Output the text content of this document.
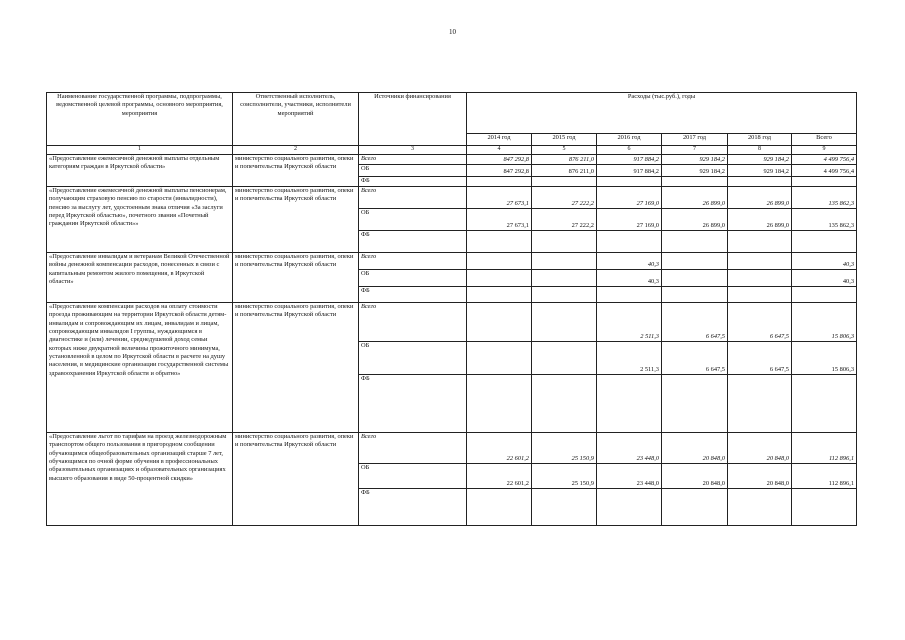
10
Наименование государственной программы, подпрограммы, ведомственной целевой программы, основного мероприятия, мероприятия	Ответственный исполнитель, соисполнители, участники, исполнители мероприятий	Источники финансирования	Расходы (тыс.руб.), годы					
			2014 год	2015 год	2016 год	2017 год	2018 год	Всего
1	2	3	4	5	6	7	8	9
«Предоставление ежемесячной денежной выплаты отдельным категориям граждан в Иркутской области»	министерство социального развития, опеки и попечительства Иркутской области	Всего	847 292,8	876 211,0	917 884,2	929 184,2	929 184,2	4 499 756,4
		ОБ	847 292,8	876 211,0	917 884,2	929 184,2	929 184,2	4 499 756,4
		ФБ						
«Предоставление ежемесячной денежной выплаты пенсионерам, получающим страховую пенсию по старости (инвалидности), пенсию за выслугу лет, удостоенным знака отличия «За заслуги перед Иркутской областью», почетного звания «Почетный гражданин Иркутской области»»	министерство социального развития, опеки и попечительства Иркутской области	Всего	27 673,1	27 222,2	27 169,0	26 899,0	26 899,0	135 862,3
		ОБ	27 673,1	27 222,2	27 169,0	26 899,0	26 899,0	135 862,3
		ФБ						
«Предоставление инвалидам и ветеранам Великой Отечественной войны денежной компенсации расходов, понесенных в связи с капитальным ремонтом жилого помещения, в Иркутской области»	министерство социального развития, опеки и попечительства Иркутской области	Всего			40,3			40,3
		ОБ			40,3			40,3
		ФБ						
«Предоставление компенсации расходов на оплату стоимости проезда проживающим на территории Иркутской области детям-инвалидам и сопровождающим их лицам, инвалидам и лицам, сопровождающим инвалидов I группы, нуждающимся в диагностике и (или) лечении, среднедушевой доход семьи которых ниже двукратной величины прожиточного минимума, установленной в целом по Иркутской области в расчете на душу населения, в медицинские организации государственной системы здравоохранения Иркутской области и обратно»	министерство социального развития, опеки и попечительства Иркутской области	Всего			2 511,3	6 647,5	6 647,5	15 806,3
		ОБ			2 511,3	6 647,5	6 647,5	15 806,3
		ФБ						
«Предоставление льгот по тарифам на проезд железнодорожным транспортом общего пользования в пригородном сообщении обучающимся общеобразовательных организаций старше 7 лет, обучающимся по очной форме обучения в профессиональных образовательных организациях и образовательных организациях высшего образования в виде 50-процентной скидки»	министерство социального развития, опеки и попечительства Иркутской области	Всего	22 601,2	25 150,9	23 448,0	20 848,0	20 848,0	112 896,1
		ОБ	22 601,2	25 150,9	23 448,0	20 848,0	20 848,0	112 896,1
		ФБ						
